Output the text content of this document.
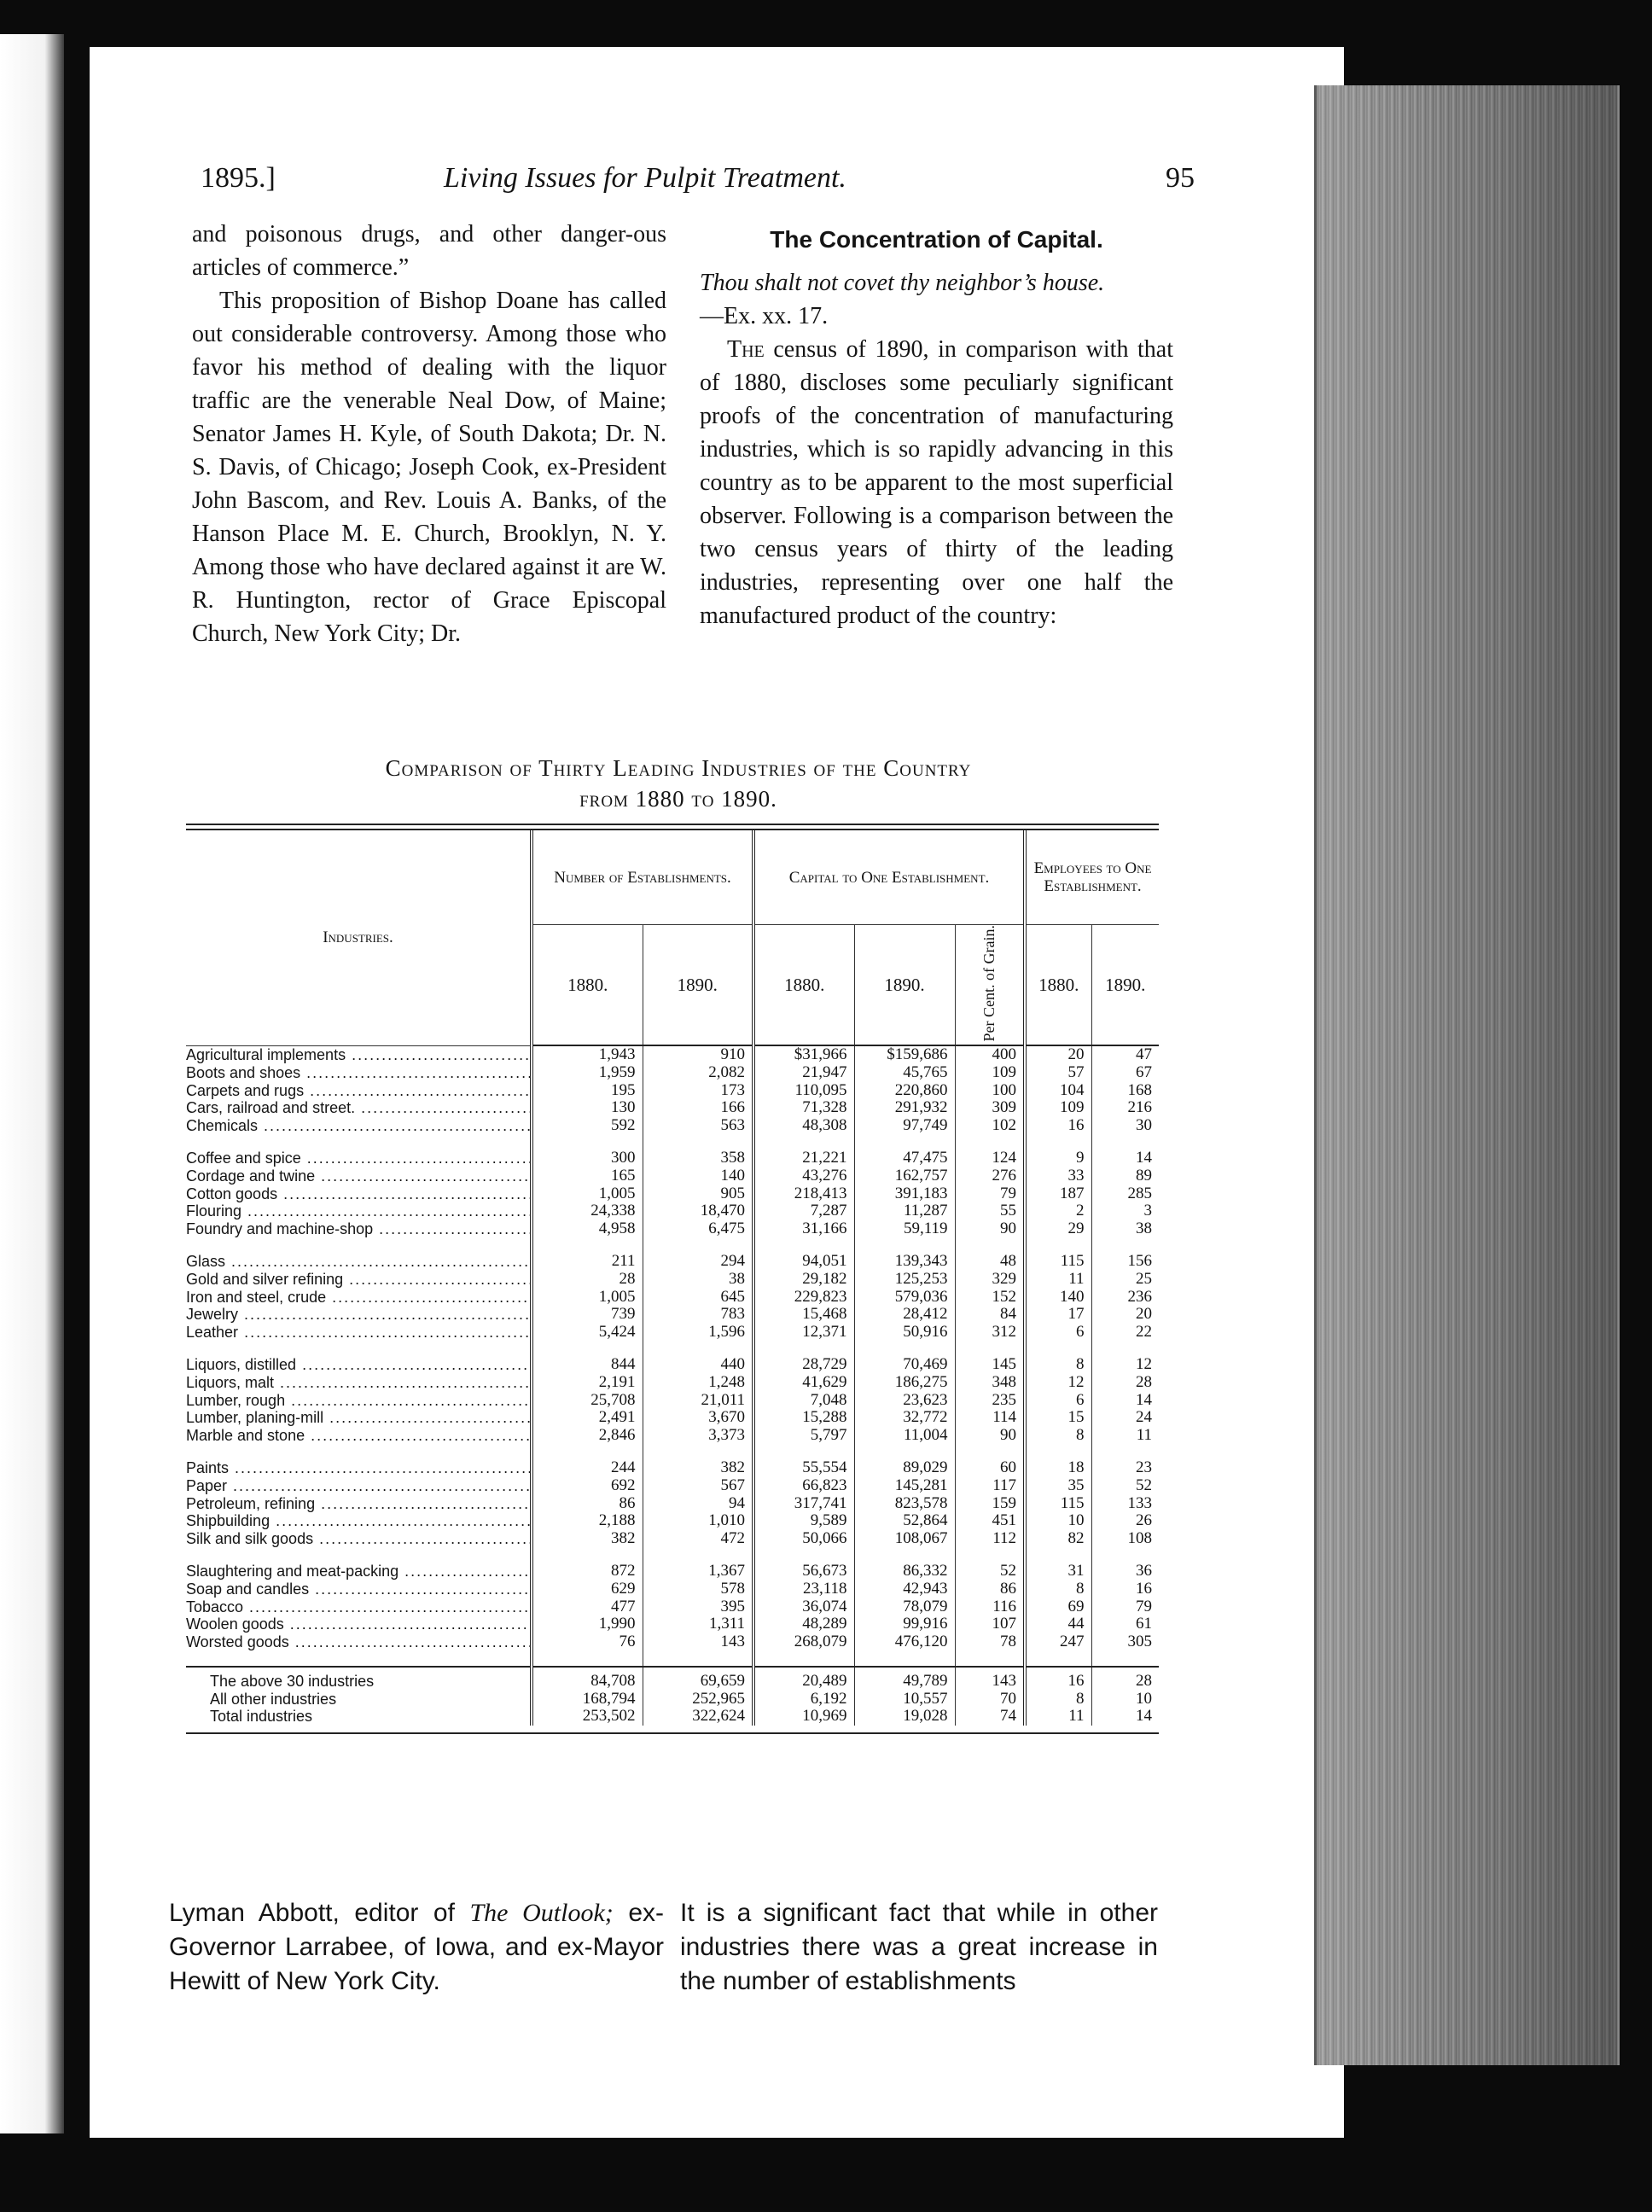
1895.]	Living Issues for Pulpit Treatment.	95

and poisonous drugs, and other danger-ous articles of commerce.”

This proposition of Bishop Doane has called out considerable controversy. Among those who favor his method of dealing with the liquor traffic are the venerable Neal Dow, of Maine; Senator James H. Kyle, of South Dakota; Dr. N. S. Davis, of Chicago; Joseph Cook, ex-President John Bascom, and Rev. Louis A. Banks, of the Hanson Place M. E. Church, Brooklyn, N. Y. Among those who have declared against it are W. R. Huntington, rector of Grace Episcopal Church, New York City; Dr.

The Concentration of Capital.

Thou shalt not covet thy neighbor’s house.

—Ex. xx. 17.

The census of 1890, in comparison with that of 1880, discloses some peculiarly significant proofs of the concentration of manufacturing industries, which is so rapidly advancing in this country as to be apparent to the most superficial observer. Following is a comparison between the two census years of thirty of the leading industries, representing over one half the manufactured product of the country:

Comparison of Thirty Leading Industries of the Country
from 1880 to 1890.
Industries.	Number of Establishments.		Capital to One Establishment.			Employees to One Establishment.	
	1880.	1890.	1880.	1890.	Per Cent. of Grain.	1880.	1890.
Agricultural implements .....	1,943	910	$31,966	$159,686	400	20	47
Boots and shoes .....	1,959	2,082	21,947	45,765	109	57	67
Carpets and rugs .....	195	173	110,095	220,860	100	104	168
Cars, railroad and street. .....	130	166	71,328	291,932	309	109	216
Chemicals .....	592	563	48,308	97,749	102	16	30

Coffee and spice .....	300	358	21,221	47,475	124	9	14
Cordage and twine .....	165	140	43,276	162,757	276	33	89
Cotton goods .....	1,005	905	218,413	391,183	79	187	285
Flouring .....	24,338	18,470	7,287	11,287	55	2	3
Foundry and machine-shop .....	4,958	6,475	31,166	59,119	90	29	38

Glass .....	211	294	94,051	139,343	48	115	156
Gold and silver refining .....	28	38	29,182	125,253	329	11	25
Iron and steel, crude .....	1,005	645	229,823	579,036	152	140	236
Jewelry .....	739	783	15,468	28,412	84	17	20
Leather .....	5,424	1,596	12,371	50,916	312	6	22

Liquors, distilled .....	844	440	28,729	70,469	145	8	12
Liquors, malt .....	2,191	1,248	41,629	186,275	348	12	28
Lumber, rough .....	25,708	21,011	7,048	23,623	235	6	14
Lumber, planing-mill .....	2,491	3,670	15,288	32,772	114	15	24
Marble and stone .....	2,846	3,373	5,797	11,004	90	8	11

Paints .....	244	382	55,554	89,029	60	18	23
Paper .....	692	567	66,823	145,281	117	35	52
Petroleum, refining .....	86	94	317,741	823,578	159	115	133
Shipbuilding .....	2,188	1,010	9,589	52,864	451	10	26
Silk and silk goods .....	382	472	50,066	108,067	112	82	108

Slaughtering and meat-packing .....	872	1,367	56,673	86,332	52	31	36
Soap and candles .....	629	578	23,118	42,943	86	8	16
Tobacco .....	477	395	36,074	78,079	116	69	79
Woolen goods .....	1,990	1,311	48,289	99,916	107	44	61
Worsted goods .....	76	143	268,079	476,120	78	247	305

The above 30 industries	84,708	69,659	20,489	49,789	143	16	28
All other industries	168,794	252,965	6,192	10,557	70	8	10
Total industries	253,502	322,624	10,969	19,028	74	11	14

Lyman Abbott, editor of The Outlook; ex-Governor Larrabee, of Iowa, and ex-Mayor Hewitt of New York City.

It is a significant fact that while in other industries there was a great increase in the number of establishments
